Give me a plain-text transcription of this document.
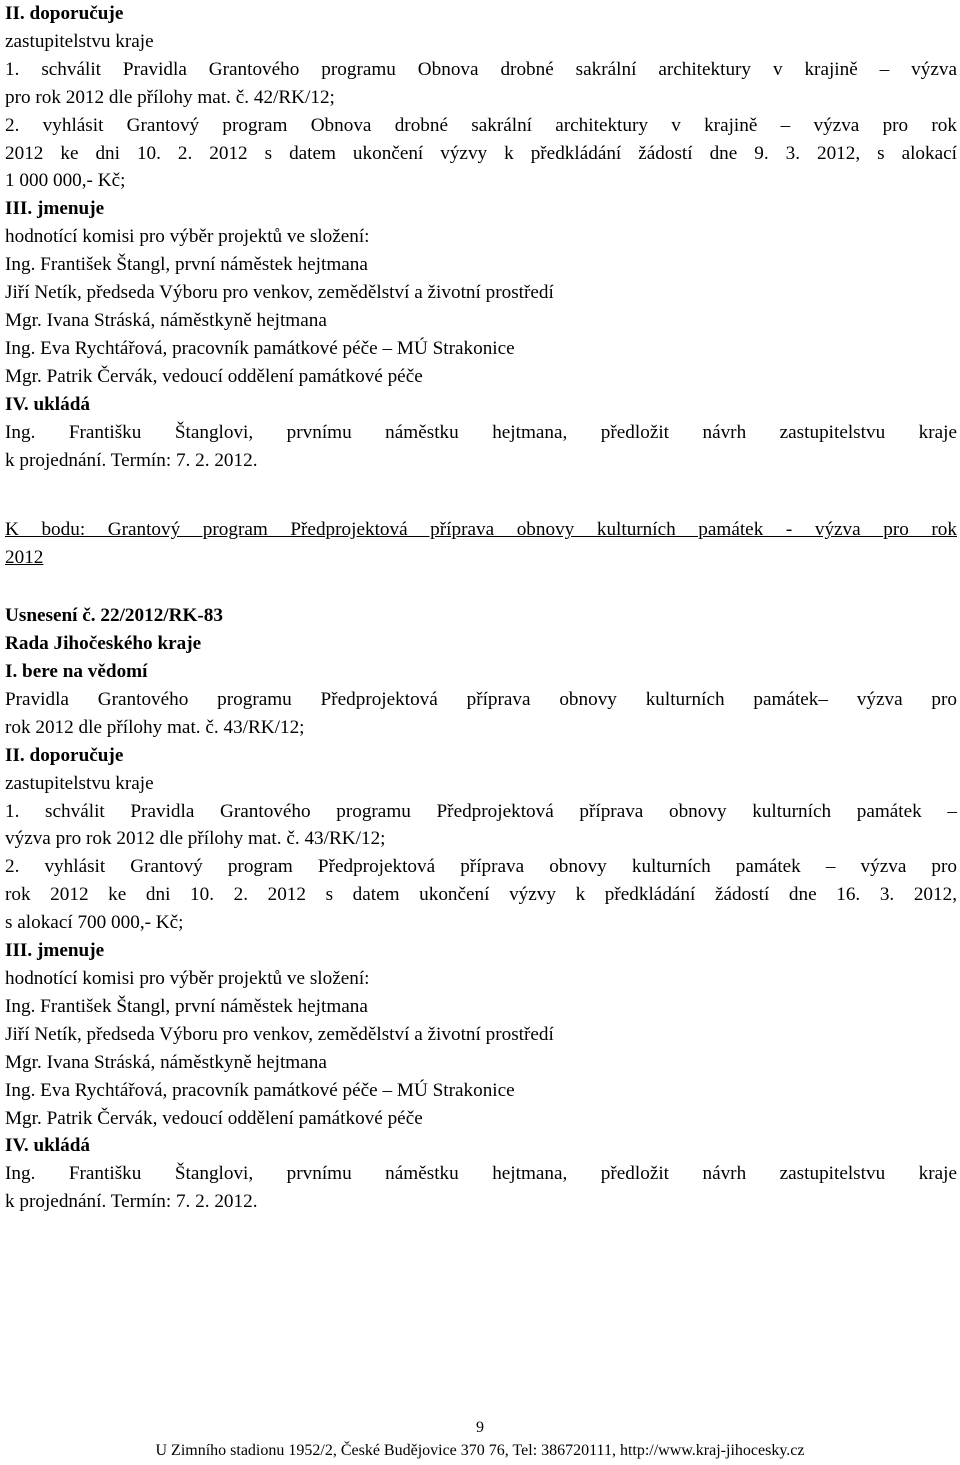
II. doporučuje
zastupitelstvu kraje
1. schválit Pravidla Grantového programu Obnova drobné sakrální architektury v krajině – výzva
pro rok 2012 dle přílohy mat. č. 42/RK/12;
2. vyhlásit Grantový program Obnova drobné sakrální architektury v krajině – výzva pro rok
2012 ke dni 10. 2. 2012 s datem ukončení výzvy k předkládání žádostí dne 9. 3. 2012, s alokací
1 000 000,- Kč;
III. jmenuje
hodnotící komisi pro výběr projektů ve složení:
Ing. František Štangl, první náměstek hejtmana
Jiří Netík, předseda Výboru pro venkov, zemědělství a životní prostředí
Mgr. Ivana Stráská, náměstkyně hejtmana
Ing. Eva Rychtářová, pracovník památkové péče – MÚ Strakonice
Mgr. Patrik Červák, vedoucí oddělení památkové péče
IV. ukládá
Ing. Františku Štanglovi, prvnímu náměstku hejtmana, předložit návrh zastupitelstvu kraje
k projednání. Termín: 7. 2. 2012.
K bodu: Grantový program Předprojektová příprava obnovy kulturních památek - výzva pro rok
2012
Usnesení č. 22/2012/RK-83
Rada Jihočeského kraje
I. bere na vědomí
Pravidla Grantového programu Předprojektová příprava obnovy kulturních památek– výzva pro
rok 2012 dle přílohy mat. č. 43/RK/12;
II. doporučuje
zastupitelstvu kraje
1. schválit Pravidla Grantového programu Předprojektová příprava obnovy kulturních památek –
výzva pro rok 2012 dle přílohy mat. č. 43/RK/12;
2. vyhlásit Grantový program Předprojektová příprava obnovy kulturních památek – výzva pro
rok 2012 ke dni 10. 2. 2012 s datem ukončení výzvy k předkládání žádostí dne 16. 3. 2012,
s alokací 700 000,- Kč;
III. jmenuje
hodnotící komisi pro výběr projektů ve složení:
Ing. František Štangl, první náměstek hejtmana
Jiří Netík, předseda Výboru pro venkov, zemědělství a životní prostředí
Mgr. Ivana Stráská, náměstkyně hejtmana
Ing. Eva Rychtářová, pracovník památkové péče – MÚ Strakonice
Mgr. Patrik Červák, vedoucí oddělení památkové péče
IV. ukládá
Ing. Františku Štanglovi, prvnímu náměstku hejtmana, předložit návrh zastupitelstvu kraje
k projednání. Termín: 7. 2. 2012.
9
U Zimního stadionu 1952/2, České Budějovice 370 76, Tel: 386720111, http://www.kraj-jihocesky.cz
